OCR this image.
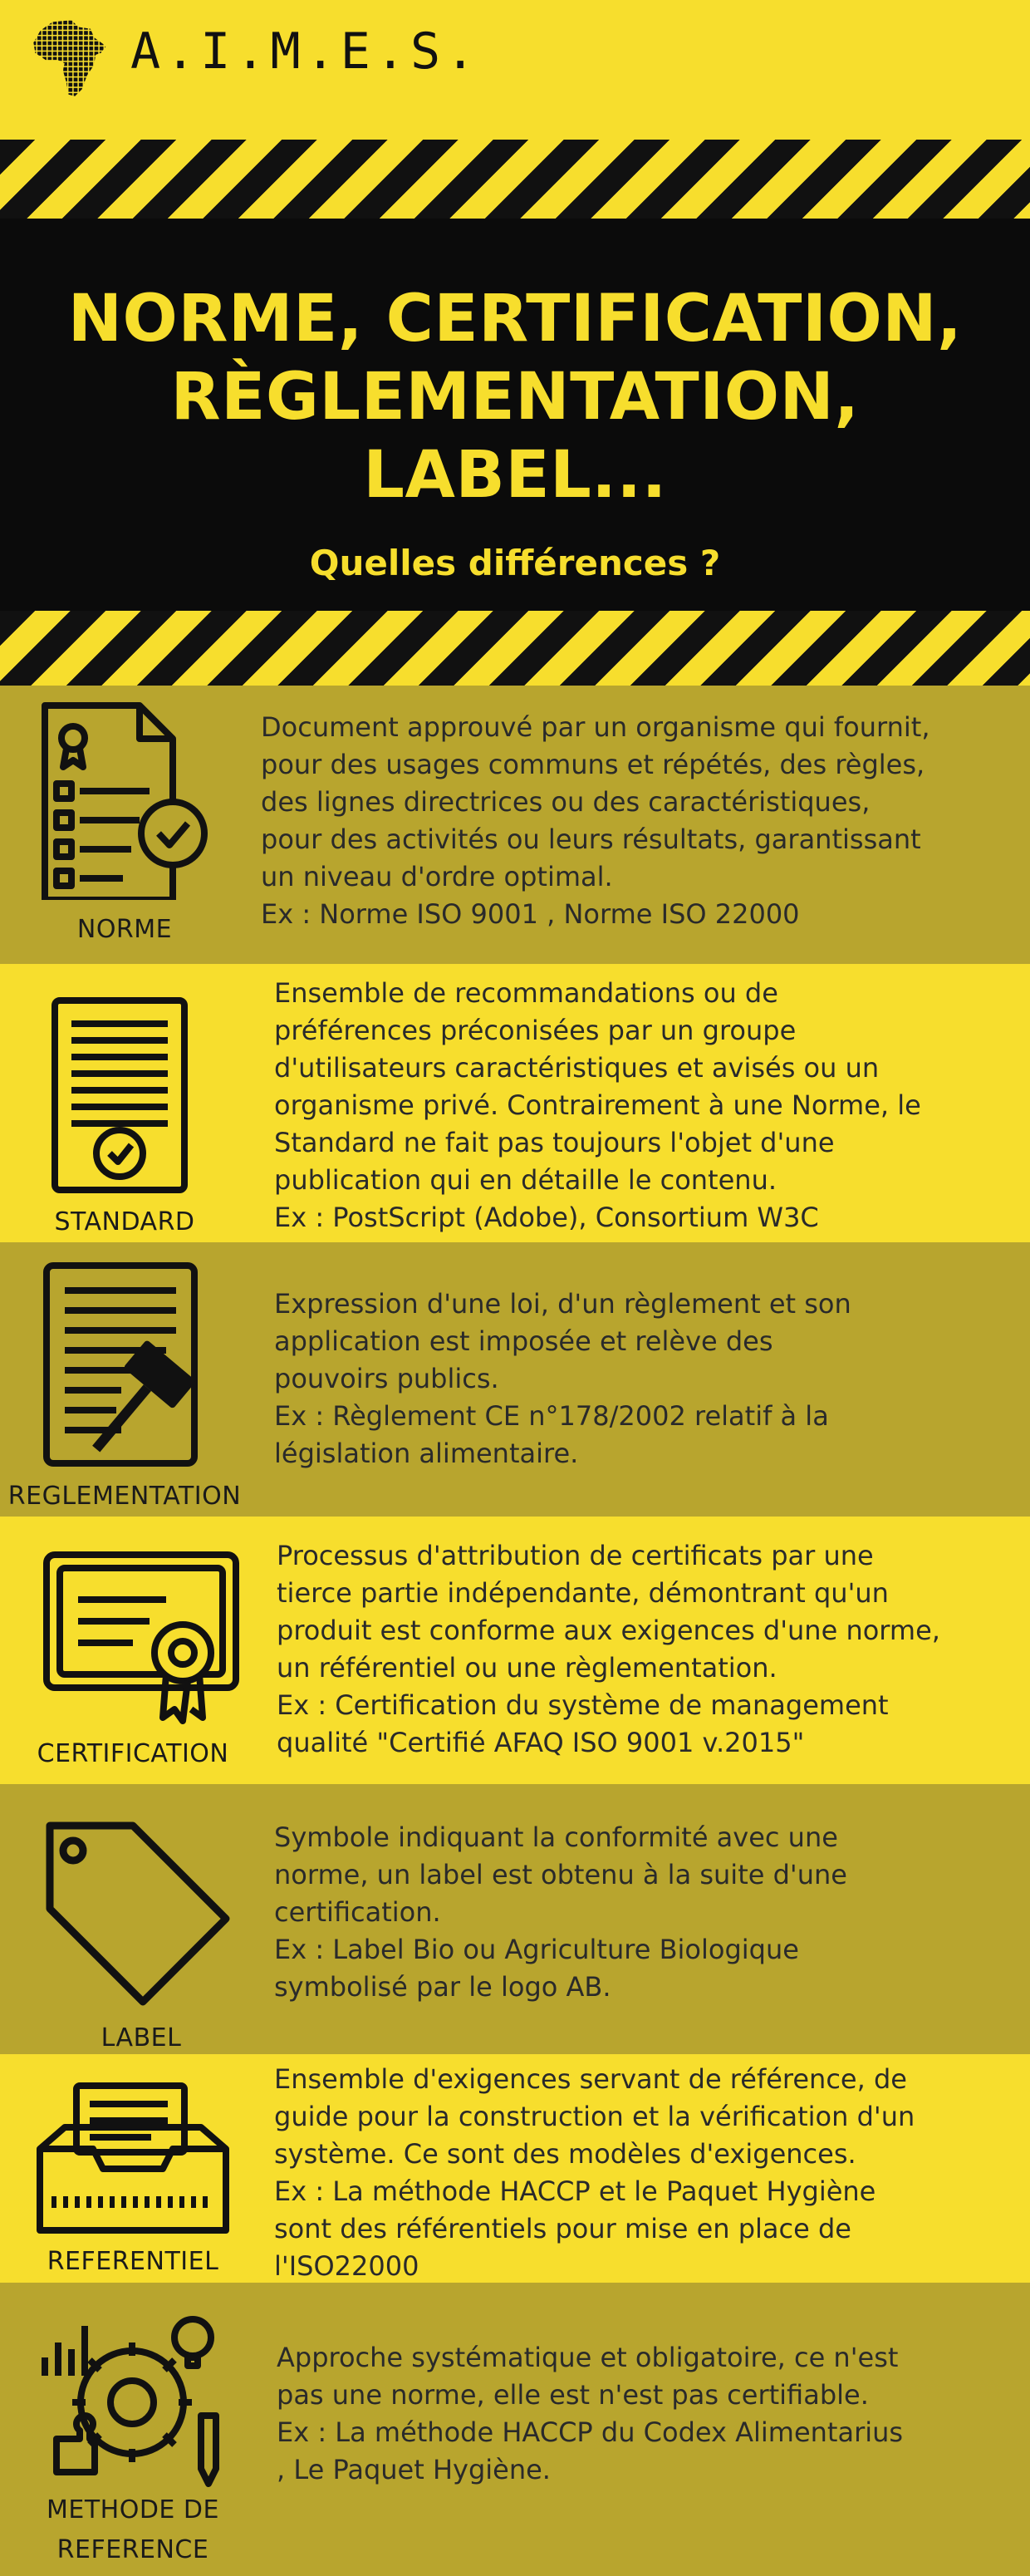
A.I.M.E.S.
NORME, CERTIFICATION,
RÈGLEMENTATION,
LABEL...
Quelles différences ?
NORME

Document approuvé par un organisme qui fournit,

pour des usages communs et répétés, des règles,

des lignes directrices ou des caractéristiques,

pour des activités ou leurs résultats, garantissant

un niveau d'ordre optimal.

Ex : Norme ISO 9001 , Norme ISO 22000

STANDARD

Ensemble de recommandations ou de

préférences préconisées par un groupe

d'utilisateurs caractéristiques et avisés ou un

organisme privé. Contrairement à une Norme, le

Standard ne fait pas toujours l'objet d'une

publication qui en détaille le contenu.

Ex : PostScript (Adobe), Consortium W3C

REGLEMENTATION

Expression d'une loi, d'un règlement et son

application est imposée et relève des

pouvoirs publics.

Ex : Règlement CE n°178/2002 relatif à la

législation alimentaire.

CERTIFICATION

Processus d'attribution de certificats par une

tierce partie indépendante, démontrant qu'un

produit est conforme aux exigences d'une norme,

un référentiel ou une règlementation.

Ex : Certification du système de management

qualité "Certifié AFAQ ISO 9001 v.2015"

LABEL

Symbole indiquant la conformité avec une

norme, un label est obtenu à la suite d'une

certification.

Ex : Label Bio ou Agriculture Biologique

symbolisé par le logo AB.

REFERENTIEL

Ensemble d'exigences servant de référence, de

guide pour la construction et la vérification d'un

système. Ce sont des modèles d'exigences.

Ex : La méthode HACCP et le Paquet Hygiène

sont des référentiels pour mise en place de

l'ISO22000

METHODE DE
REFERENCE

Approche systématique et obligatoire, ce n'est

pas une norme, elle est n'est pas certifiable.

Ex : La méthode HACCP du Codex Alimentarius

, Le Paquet Hygiène.
